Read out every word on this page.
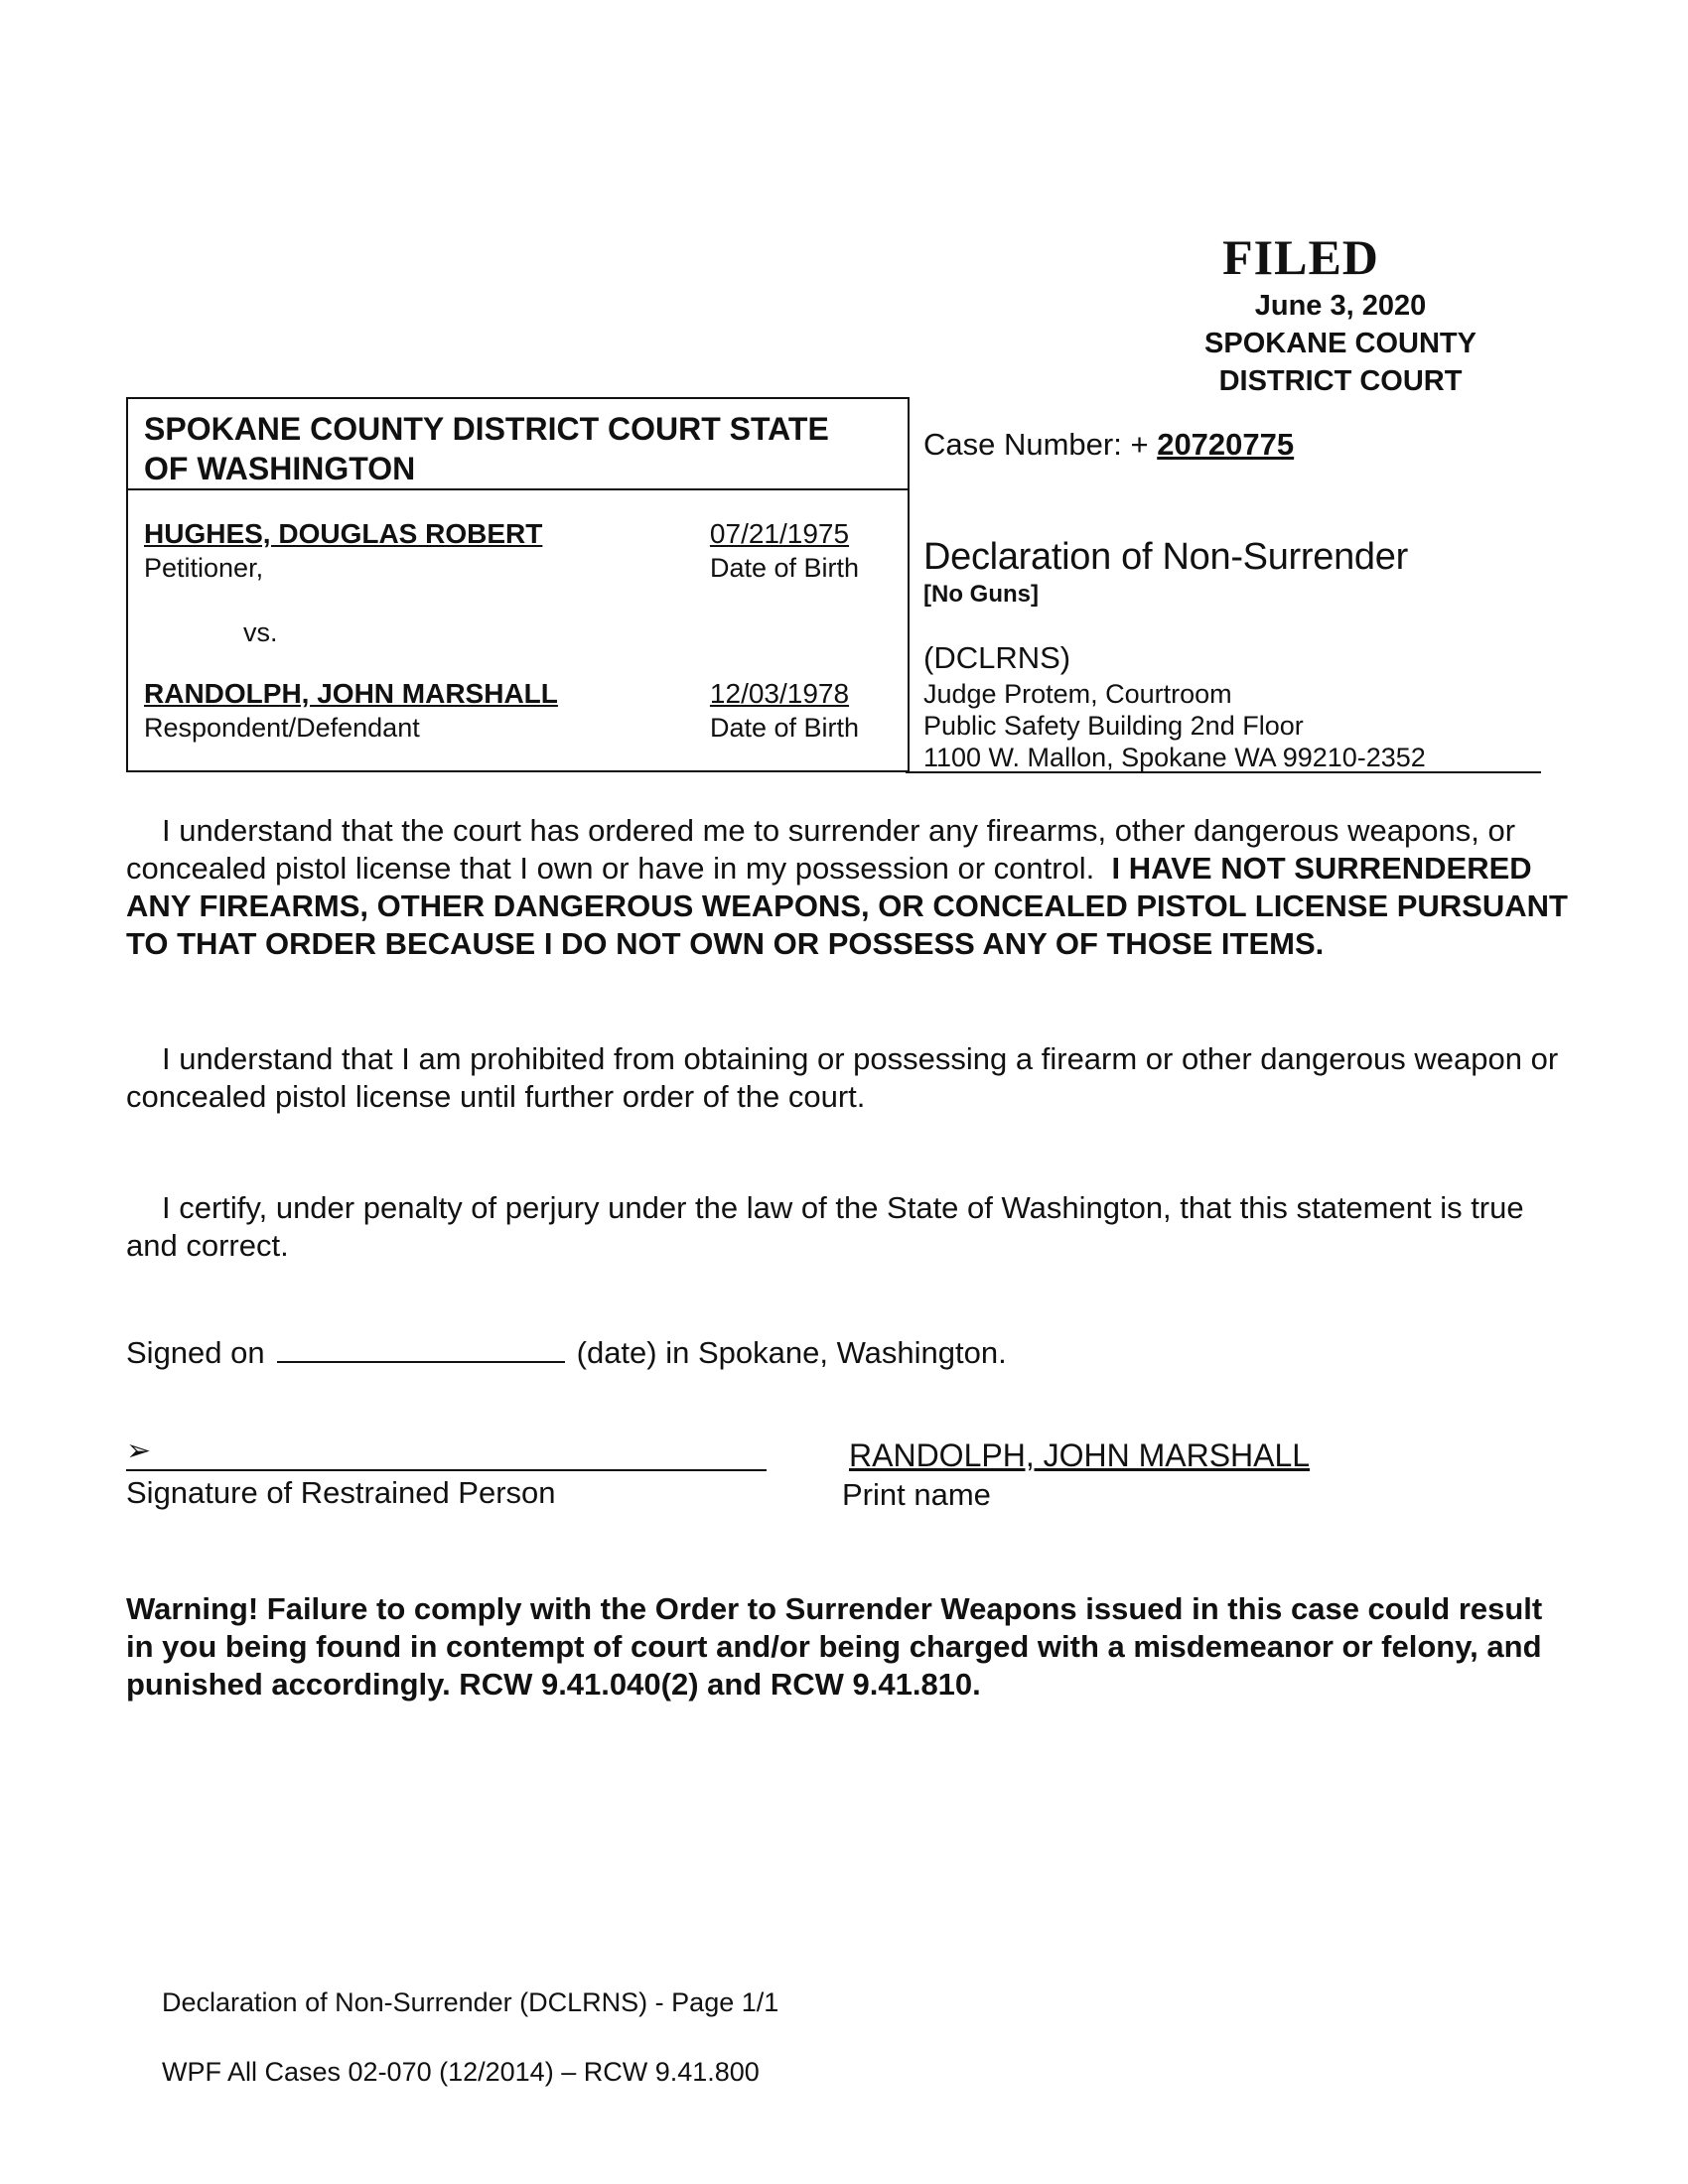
FILED
June 3, 2020
SPOKANE COUNTY
DISTRICT COURT
SPOKANE COUNTY DISTRICT COURT STATE
OF WASHINGTON
HUGHES, DOUGLAS ROBERT
Petitioner,
07/21/1975
Date of Birth
vs.
RANDOLPH, JOHN MARSHALL
Respondent/Defendant
12/03/1978
Date of Birth
Case Number: + 20720775
Declaration of Non-Surrender
[No Guns]
(DCLRNS)
Judge Protem, Courtroom
Public Safety Building 2nd Floor
1100 W. Mallon, Spokane WA 99210-2352
I understand that the court has ordered me to surrender any firearms, other dangerous weapons, or concealed pistol license that I own or have in my possession or control. I HAVE NOT SURRENDERED ANY FIREARMS, OTHER DANGEROUS WEAPONS, OR CONCEALED PISTOL LICENSE PURSUANT TO THAT ORDER BECAUSE I DO NOT OWN OR POSSESS ANY OF THOSE ITEMS.
I understand that I am prohibited from obtaining or possessing a firearm or other dangerous weapon or concealed pistol license until further order of the court.
I certify, under penalty of perjury under the law of the State of Washington, that this statement is true and correct.
Signed on	(date) in Spokane, Washington.
➢
Signature of Restrained Person
RANDOLPH, JOHN MARSHALL
Print name
Warning! Failure to comply with the Order to Surrender Weapons issued in this case could result in you being found in contempt of court and/or being charged with a misdemeanor or felony, and punished accordingly. RCW 9.41.040(2) and RCW 9.41.810.
Declaration of Non-Surrender (DCLRNS) - Page 1/1
WPF All Cases 02-070 (12/2014) – RCW 9.41.800
